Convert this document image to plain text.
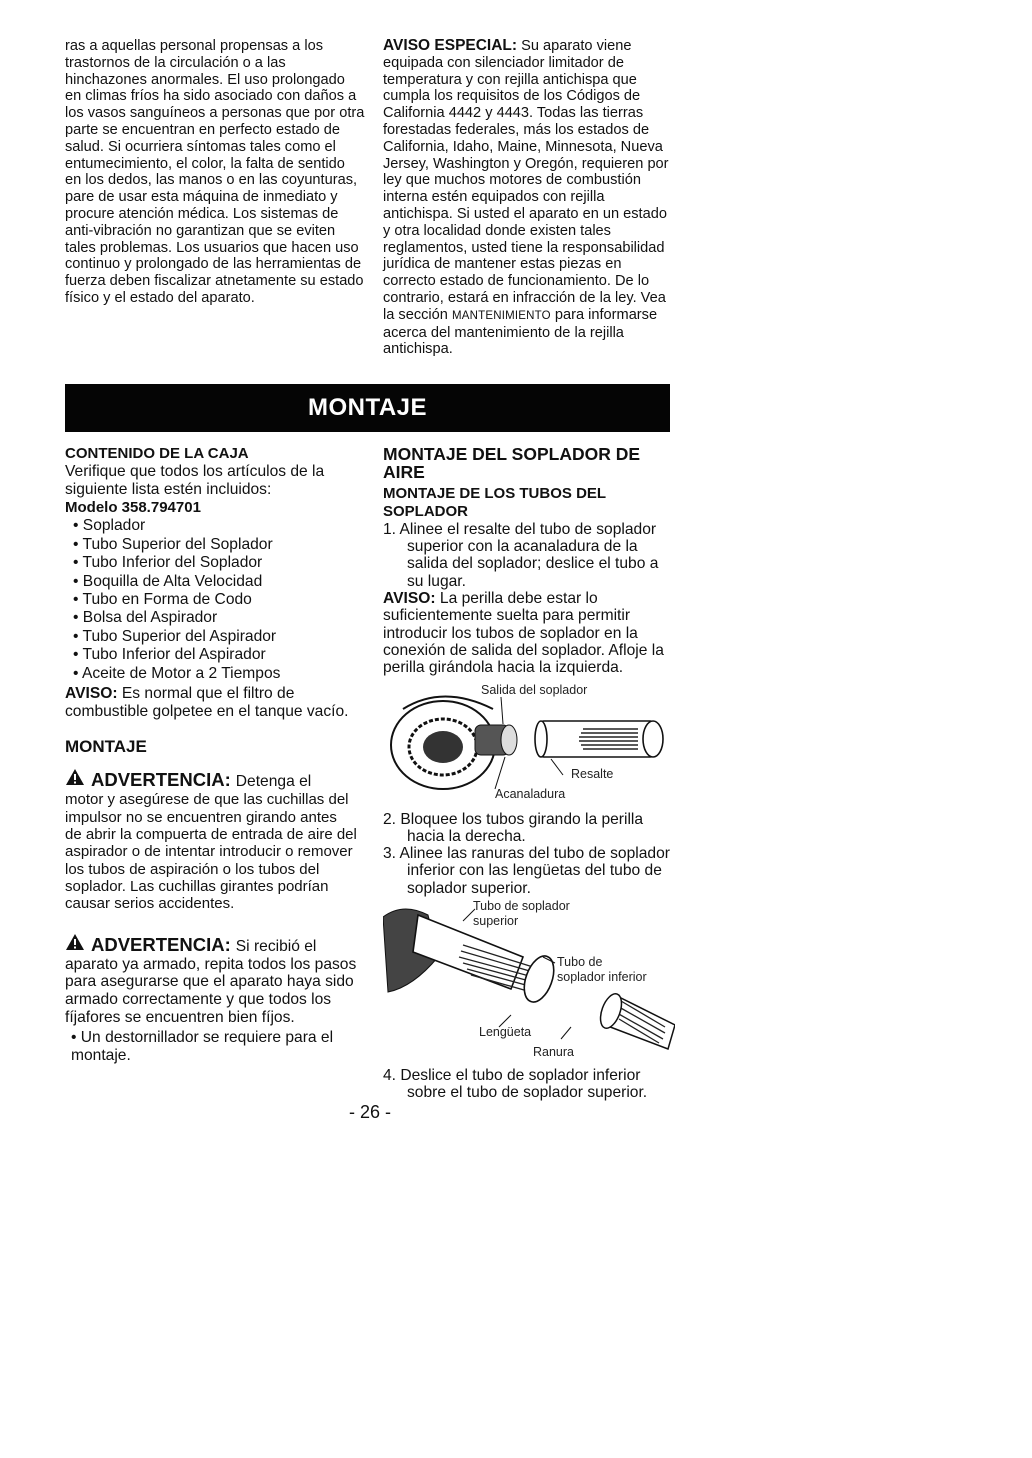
ras a aquellas personal propensas a los trastornos de la circulación o a las hinchazones anormales. El uso prolongado en climas fríos ha sido asociado con daños a los vasos sanguíneos a personas que por otra parte se encuentran en perfecto estado de salud. Si ocurriera síntomas tales como el entumecimiento, el color, la falta de sentido en los dedos, las manos o en las coyunturas, pare de usar esta máquina de inmediato y procure atención médica. Los sistemas de anti-vibración no garantizan que se eviten tales problemas. Los usuarios que hacen uso continuo y prolongado de las herramientas de fuerza deben fiscalizar atnetamente su estado físico y el estado del aparato.

AVISO ESPECIAL: Su aparato viene equipada con silenciador limitador de temperatura y con rejilla antichispa que cumpla los requisitos de los Códigos de California 4442 y 4443. Todas las tierras forestadas federales, más los estados de California, Idaho, Maine, Minnesota, Nueva Jersey, Washington y Oregón, requieren por ley que muchos motores de combustión interna estén equipados con rejilla antichispa. Si usted el aparato en un estado y otra localidad donde existen tales reglamentos, usted tiene la responsabilidad jurídica de mantener estas piezas en correcto estado de funcionamiento. De lo contrario, estará en infracción de la ley. Vea la sección MANTENIMIENTO para informarse acerca del mantenimiento de la rejilla antichispa.

MONTAJE

CONTENIDO DE LA CAJA

Verifique que todos los artículos de la siguiente lista estén incluidos:

Modelo 358.794701

• Soplador
• Tubo Superior del Soplador
• Tubo Inferior del Soplador
• Boquilla de Alta Velocidad
• Tubo en Forma de Codo
• Bolsa del Aspirador
• Tubo Superior del Aspirador
• Tubo Inferior del Aspirador
• Aceite de Motor a 2 Tiempos

AVISO: Es normal que el filtro de combustible golpetee en el tanque vacío.

MONTAJE

ADVERTENCIA: Detenga el

motor y asegúrese de que las cuchillas del impulsor no se encuentren girando antes de abrir la compuerta de entrada de aire del aspirador o de intentar introducir o remover los tubos de aspiración o los tubos del soplador. Las cuchillas girantes podrían causar serios accidentes.

ADVERTENCIA: Si recibió el

aparato ya armado, repita todos los pasos para asegurarse que el aparato haya sido armado correctamente y que todos los fíjafores se encuentren bien fíjos.

• Un destornillador se requiere para el montaje.

MONTAJE DEL SOPLADOR DE AIRE

MONTAJE DE LOS TUBOS DEL SOPLADOR

1. Alinee el resalte del tubo de soplador superior con la acanaladura de la salida del soplador; deslice el tubo a su lugar.

AVISO: La perilla debe estar lo suficientemente suelta para permitir introducir los tubos de soplador en la conexión de salida del soplador. Afloje la perilla girándola hacia la izquierda.

Salida del soplador
Resalte
Acanaladura
2. Bloquee los tubos girando la perilla hacia la derecha.
3. Alinee las ranuras del tubo de soplador inferior con las lengüetas del tubo de soplador superior.
Tubo de soplador
superior
Tubo de
soplador inferior
Lengüeta
Ranura
4. Deslice el tubo de soplador inferior sobre el tubo de soplador superior.
- 26 -
